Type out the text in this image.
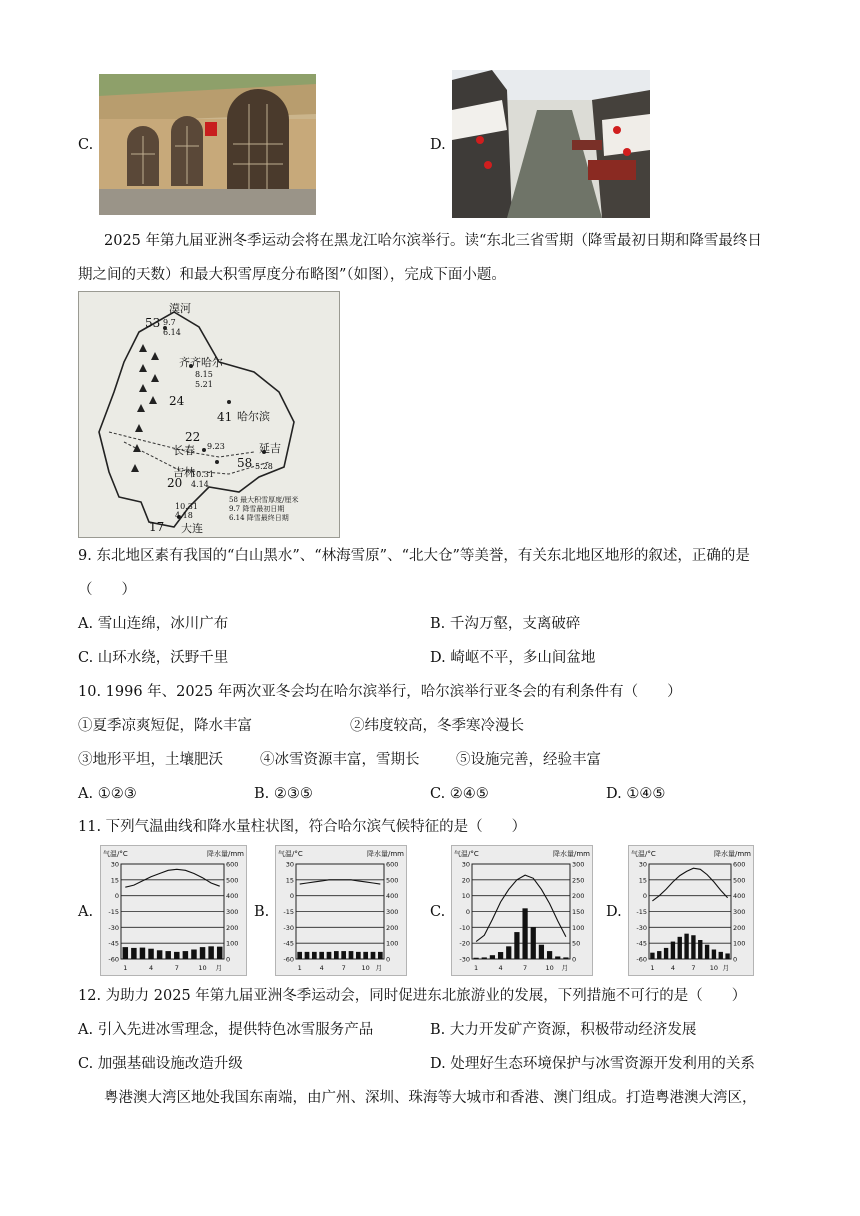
C.	D.
2025 年第九届亚洲冬季运动会将在黑龙江哈尔滨举行。读“东北三省雪期（降雪最初日期和降雪最终日
期之间的天数）和最大积雪厚度分布略图”（如图），完成下面小题。
漠河
53 9.7
6.14
齐齐哈尔
24
8.15
5.21
哈尔滨
41
长春
22
9.23
吉林
20
10.31
4.14
延吉
58 5.28
大连
17
10.31
4.18
58 最大积雪厚度/厘米
9.7 降雪最初日期
6.14 降雪最终日期
9. 东北地区素有我国的“白山黑水”、“林海雪原”、“北大仓”等美誉，有关东北地区地形的叙述，正确的是
（　　）
A. 雪山连绵，冰川广布	B. 千沟万壑，支离破碎
C. 山环水绕，沃野千里	D. 崎岖不平，多山间盆地
10. 1996 年、2025 年两次亚冬会均在哈尔滨举行，哈尔滨举行亚冬会的有利条件有（　　）
①夏季凉爽短促，降水丰富	②纬度较高，冬季寒冷漫长
③地形平坦，土壤肥沃	④冰雪资源丰富，雪期长	⑤设施完善，经验丰富
A. ①②③	B. ②③⑤	C. ②④⑤	D. ①④⑤
11. 下列气温曲线和降水量柱状图，符合哈尔滨气候特征的是（　　）
A.
气温/°C	降水量/mm
30
15
0
-15
-30
-45
-60
600
500
400
300
200
100
0
1	4	7	10 月
B.
气温/°C	降水量/mm
30
15
0
-15
-30
-45
-60
600
500
400
300
200
100
0
1	4	7 10 月
C.
气温/°C	降水量/mm
30
20
10
0
-10
-20
-30
300
250
200
150
100
50
0
1	4	7	10 月
D.
气温/°C	降水量/mm
30
15
0
-15
-30
-45
-60
600
500
400
300
200
100
0
1	4	7 10 月
12. 为助力 2025 年第九届亚洲冬季运动会，同时促进东北旅游业的发展，下列措施不可行的是（　　）
A. 引入先进冰雪理念，提供特色冰雪服务产品	B. 大力开发矿产资源，积极带动经济发展
C. 加强基础设施改造升级	D. 处理好生态环境保护与冰雪资源开发利用的关系
粤港澳大湾区地处我国东南端，由广州、深圳、珠海等大城市和香港、澳门组成。打造粤港澳大湾区，
